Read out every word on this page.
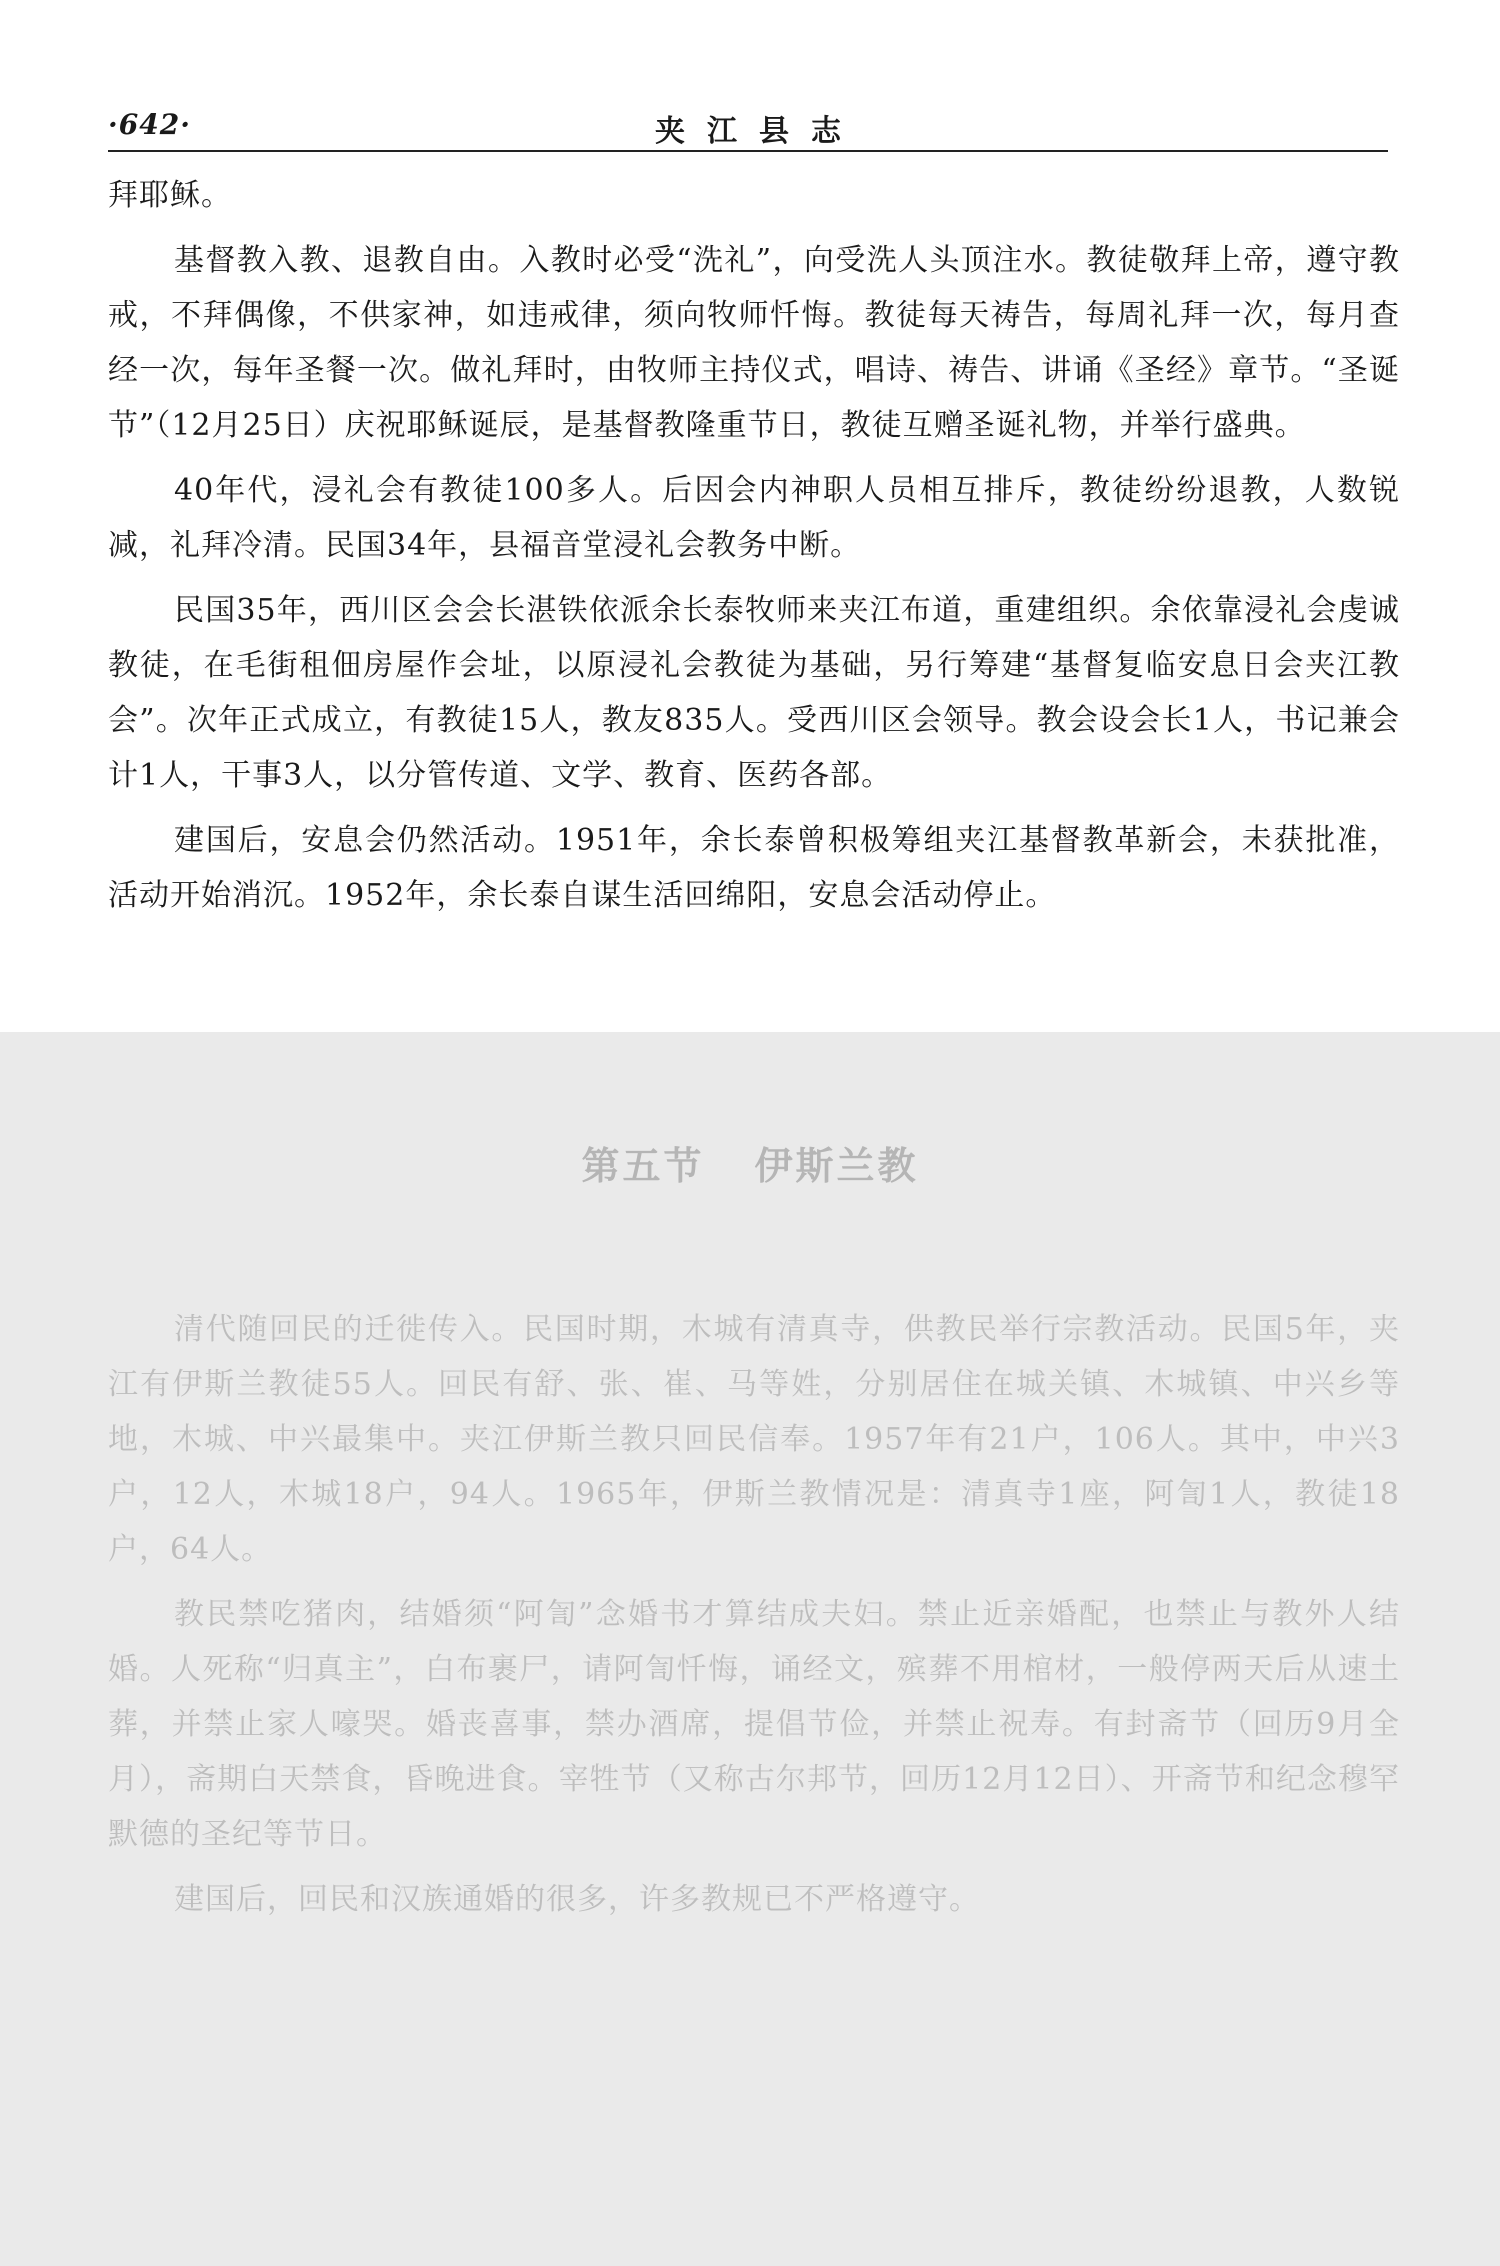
·642·	夹江县志

拜耶稣。

基督教入教、退教自由。入教时必受“洗礼”，向受洗人头顶注水。教徒敬拜上帝，遵守教戒，不拜偶像，不供家神，如违戒律，须向牧师忏悔。教徒每天祷告，每周礼拜一次，每月查经一次，每年圣餐一次。做礼拜时，由牧师主持仪式，唱诗、祷告、讲诵《圣经》章节。“圣诞节”（12月25日）庆祝耶稣诞辰，是基督教隆重节日，教徒互赠圣诞礼物，并举行盛典。

40年代，浸礼会有教徒100多人。后因会内神职人员相互排斥，教徒纷纷退教，人数锐减，礼拜冷清。民国34年，县福音堂浸礼会教务中断。

民国35年，西川区会会长湛铁依派余长泰牧师来夹江布道，重建组织。余依靠浸礼会虔诚教徒，在毛街租佃房屋作会址，以原浸礼会教徒为基础，另行筹建“基督复临安息日会夹江教会”。次年正式成立，有教徒15人，教友835人。受西川区会领导。教会设会长1人，书记兼会计1人，干事3人，以分管传道、文学、教育、医药各部。

建国后，安息会仍然活动。1951年，余长泰曾积极筹组夹江基督教革新会，未获批准，活动开始消沉。1952年，余长泰自谋生活回绵阳，安息会活动停止。

第五节 伊斯兰教

清代随回民的迁徙传入。民国时期，木城有清真寺，供教民举行宗教活动。民国5年，夹江有伊斯兰教徒55人。回民有舒、张、崔、马等姓，分别居住在城关镇、木城镇、中兴乡等地，木城、中兴最集中。夹江伊斯兰教只回民信奉。1957年有21户，106人。其中，中兴3户，12人，木城18户，94人。1965年，伊斯兰教情况是：清真寺1座，阿訇1人，教徒18户，64人。

教民禁吃猪肉，结婚须“阿訇”念婚书才算结成夫妇。禁止近亲婚配，也禁止与教外人结婚。人死称“归真主”，白布裹尸，请阿訇忏悔，诵经文，殡葬不用棺材，一般停两天后从速土葬，并禁止家人嚎哭。婚丧喜事，禁办酒席，提倡节俭，并禁止祝寿。有封斋节（回历9月全月），斋期白天禁食，昏晚进食。宰牲节（又称古尔邦节，回历12月12日）、开斋节和纪念穆罕默德的圣纪等节日。

建国后，回民和汉族通婚的很多，许多教规已不严格遵守。
